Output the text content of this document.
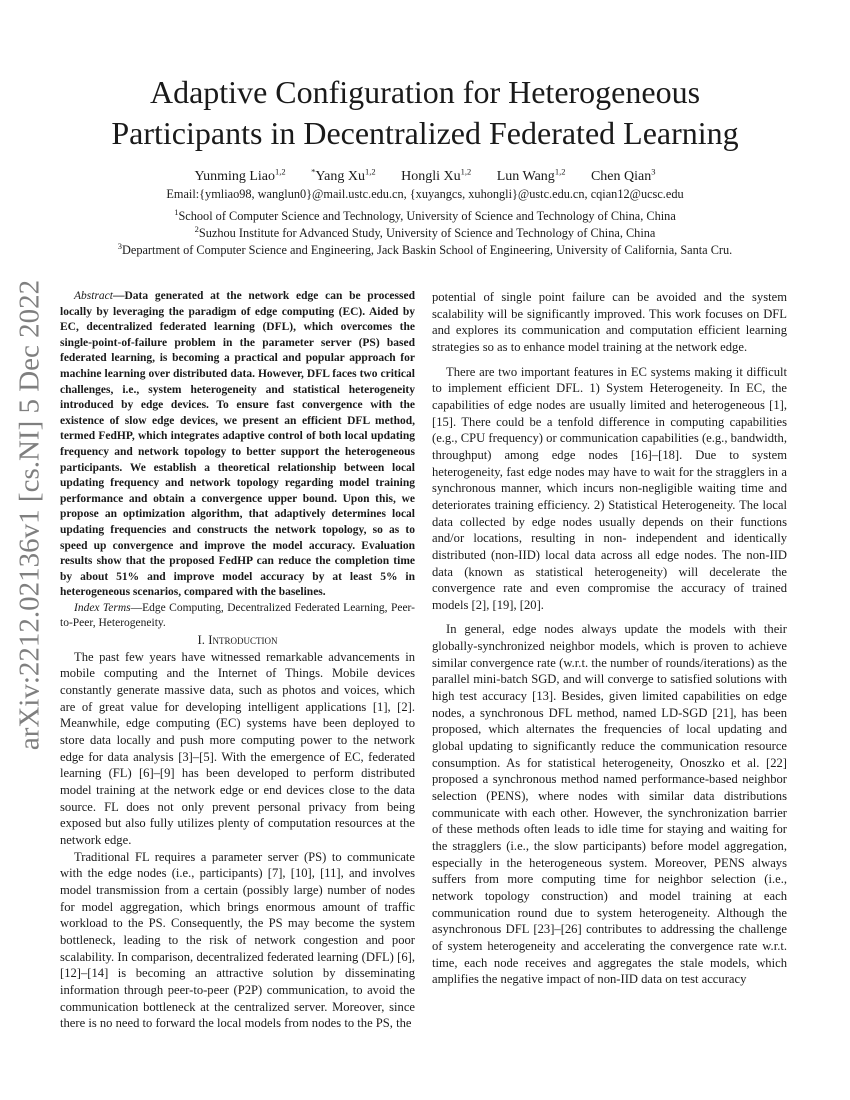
arXiv:2212.02136v1 [cs.NI] 5 Dec 2022
Adaptive Configuration for Heterogeneous
Participants in Decentralized Federated Learning
Yunming Liao$^{1,2}$	*Yang Xu$^{1,2}$ Hongli Xu$^{1,2}$ Lun Wang$^{1,2}$ Chen Qian$^3$
Email:{ymliao98, wanglun0}@mail.ustc.edu.cn, {xuyangcs, xuhongli}@ustc.edu.cn, cqian12@ucsc.edu
$^1$School of Computer Science and Technology, University of Science and Technology of China, China
$^2$Suzhou Institute for Advanced Study, University of Science and Technology of China, China
$^3$Department of Computer Science and Engineering, Jack Baskin School of Engineering, University of California, Santa Cru.

Abstract—Data generated at the network edge can be processed locally by leveraging the paradigm of edge computing (EC). Aided by EC, decentralized federated learning (DFL), which overcomes the single-point-of-failure problem in the parameter server (PS) based federated learning, is becoming a practical and popular approach for machine learning over distributed data. However, DFL faces two critical challenges, i.e., system heterogeneity and statistical heterogeneity introduced by edge devices. To ensure fast convergence with the existence of slow edge devices, we present an efficient DFL method, termed FedHP, which integrates adaptive control of both local updating frequency and network topology to better support the heterogeneous participants. We establish a theoretical relationship between local updating frequency and network topology regarding model training performance and obtain a convergence upper bound. Upon this, we propose an optimization algorithm, that adaptively determines local updating frequencies and constructs the network topology, so as to speed up convergence and improve the model accuracy. Evaluation results show that the proposed FedHP can reduce the completion time by about 51% and improve model accuracy by at least 5% in heterogeneous scenarios, compared with the baselines.

Index Terms—Edge Computing, Decentralized Federated Learning, Peer-to-Peer, Heterogeneity.

I. Introduction

The past few years have witnessed remarkable advancements in mobile computing and the Internet of Things. Mobile devices constantly generate massive data, such as photos and voices, which are of great value for developing intelligent applications [1], [2]. Meanwhile, edge computing (EC) systems have been deployed to store data locally and push more computing power to the network edge for data analysis [3]–[5]. With the emergence of EC, federated learning (FL) [6]–[9] has been developed to perform distributed model training at the network edge or end devices close to the data source. FL does not only prevent personal privacy from being exposed but also fully utilizes plenty of computation resources at the network edge.

Traditional FL requires a parameter server (PS) to communicate with the edge nodes (i.e., participants) [7], [10], [11], and involves model transmission from a certain (possibly large) number of nodes for model aggregation, which brings enormous amount of traffic workload to the PS. Consequently, the PS may become the system bottleneck, leading to the risk of network congestion and poor scalability. In comparison, decentralized federated learning (DFL) [6], [12]–[14] is becoming an attractive solution by disseminating information through peer-to-peer (P2P) communication, to avoid the communication bottleneck at the centralized server. Moreover, since there is no need to forward the local models from nodes to the PS, the

potential of single point failure can be avoided and the system scalability will be significantly improved. This work focuses on DFL and explores its communication and computation efficient learning strategies so as to enhance model training at the network edge.

There are two important features in EC systems making it difficult to implement efficient DFL. 1) System Heterogeneity. In EC, the capabilities of edge nodes are usually limited and heterogeneous [1], [15]. There could be a tenfold difference in computing capabilities (e.g., CPU frequency) or communication capabilities (e.g., bandwidth, throughput) among edge nodes [16]–[18]. Due to system heterogeneity, fast edge nodes may have to wait for the stragglers in a synchronous manner, which incurs non-negligible waiting time and deteriorates training efficiency. 2) Statistical Heterogeneity. The local data collected by edge nodes usually depends on their functions and/or locations, resulting in non- independent and identically distributed (non-IID) local data across all edge nodes. The non-IID data (known as statistical heterogeneity) will decelerate the convergence rate and even compromise the accuracy of trained models [2], [19], [20].

In general, edge nodes always update the models with their globally-synchronized neighbor models, which is proven to achieve similar convergence rate (w.r.t. the number of rounds/iterations) as the parallel mini-batch SGD, and will converge to satisfied solutions with high test accuracy [13]. Besides, given limited capabilities on edge nodes, a synchronous DFL method, named LD-SGD [21], has been proposed, which alternates the frequencies of local updating and global updating to significantly reduce the communication resource consumption. As for statistical heterogeneity, Onoszko et al. [22] proposed a synchronous method named performance-based neighbor selection (PENS), where nodes with similar data distributions communicate with each other. However, the synchronization barrier of these methods often leads to idle time for staying and waiting for the stragglers (i.e., the slow participants) before model aggregation, especially in the heterogeneous system. Moreover, PENS always suffers from more computing time for neighbor selection (i.e., network topology construction) and model training at each communication round due to system heterogeneity. Although the asynchronous DFL [23]–[26] contributes to addressing the challenge of system heterogeneity and accelerating the convergence rate w.r.t. time, each node receives and aggregates the stale models, which amplifies the negative impact of non-IID data on test accuracy
